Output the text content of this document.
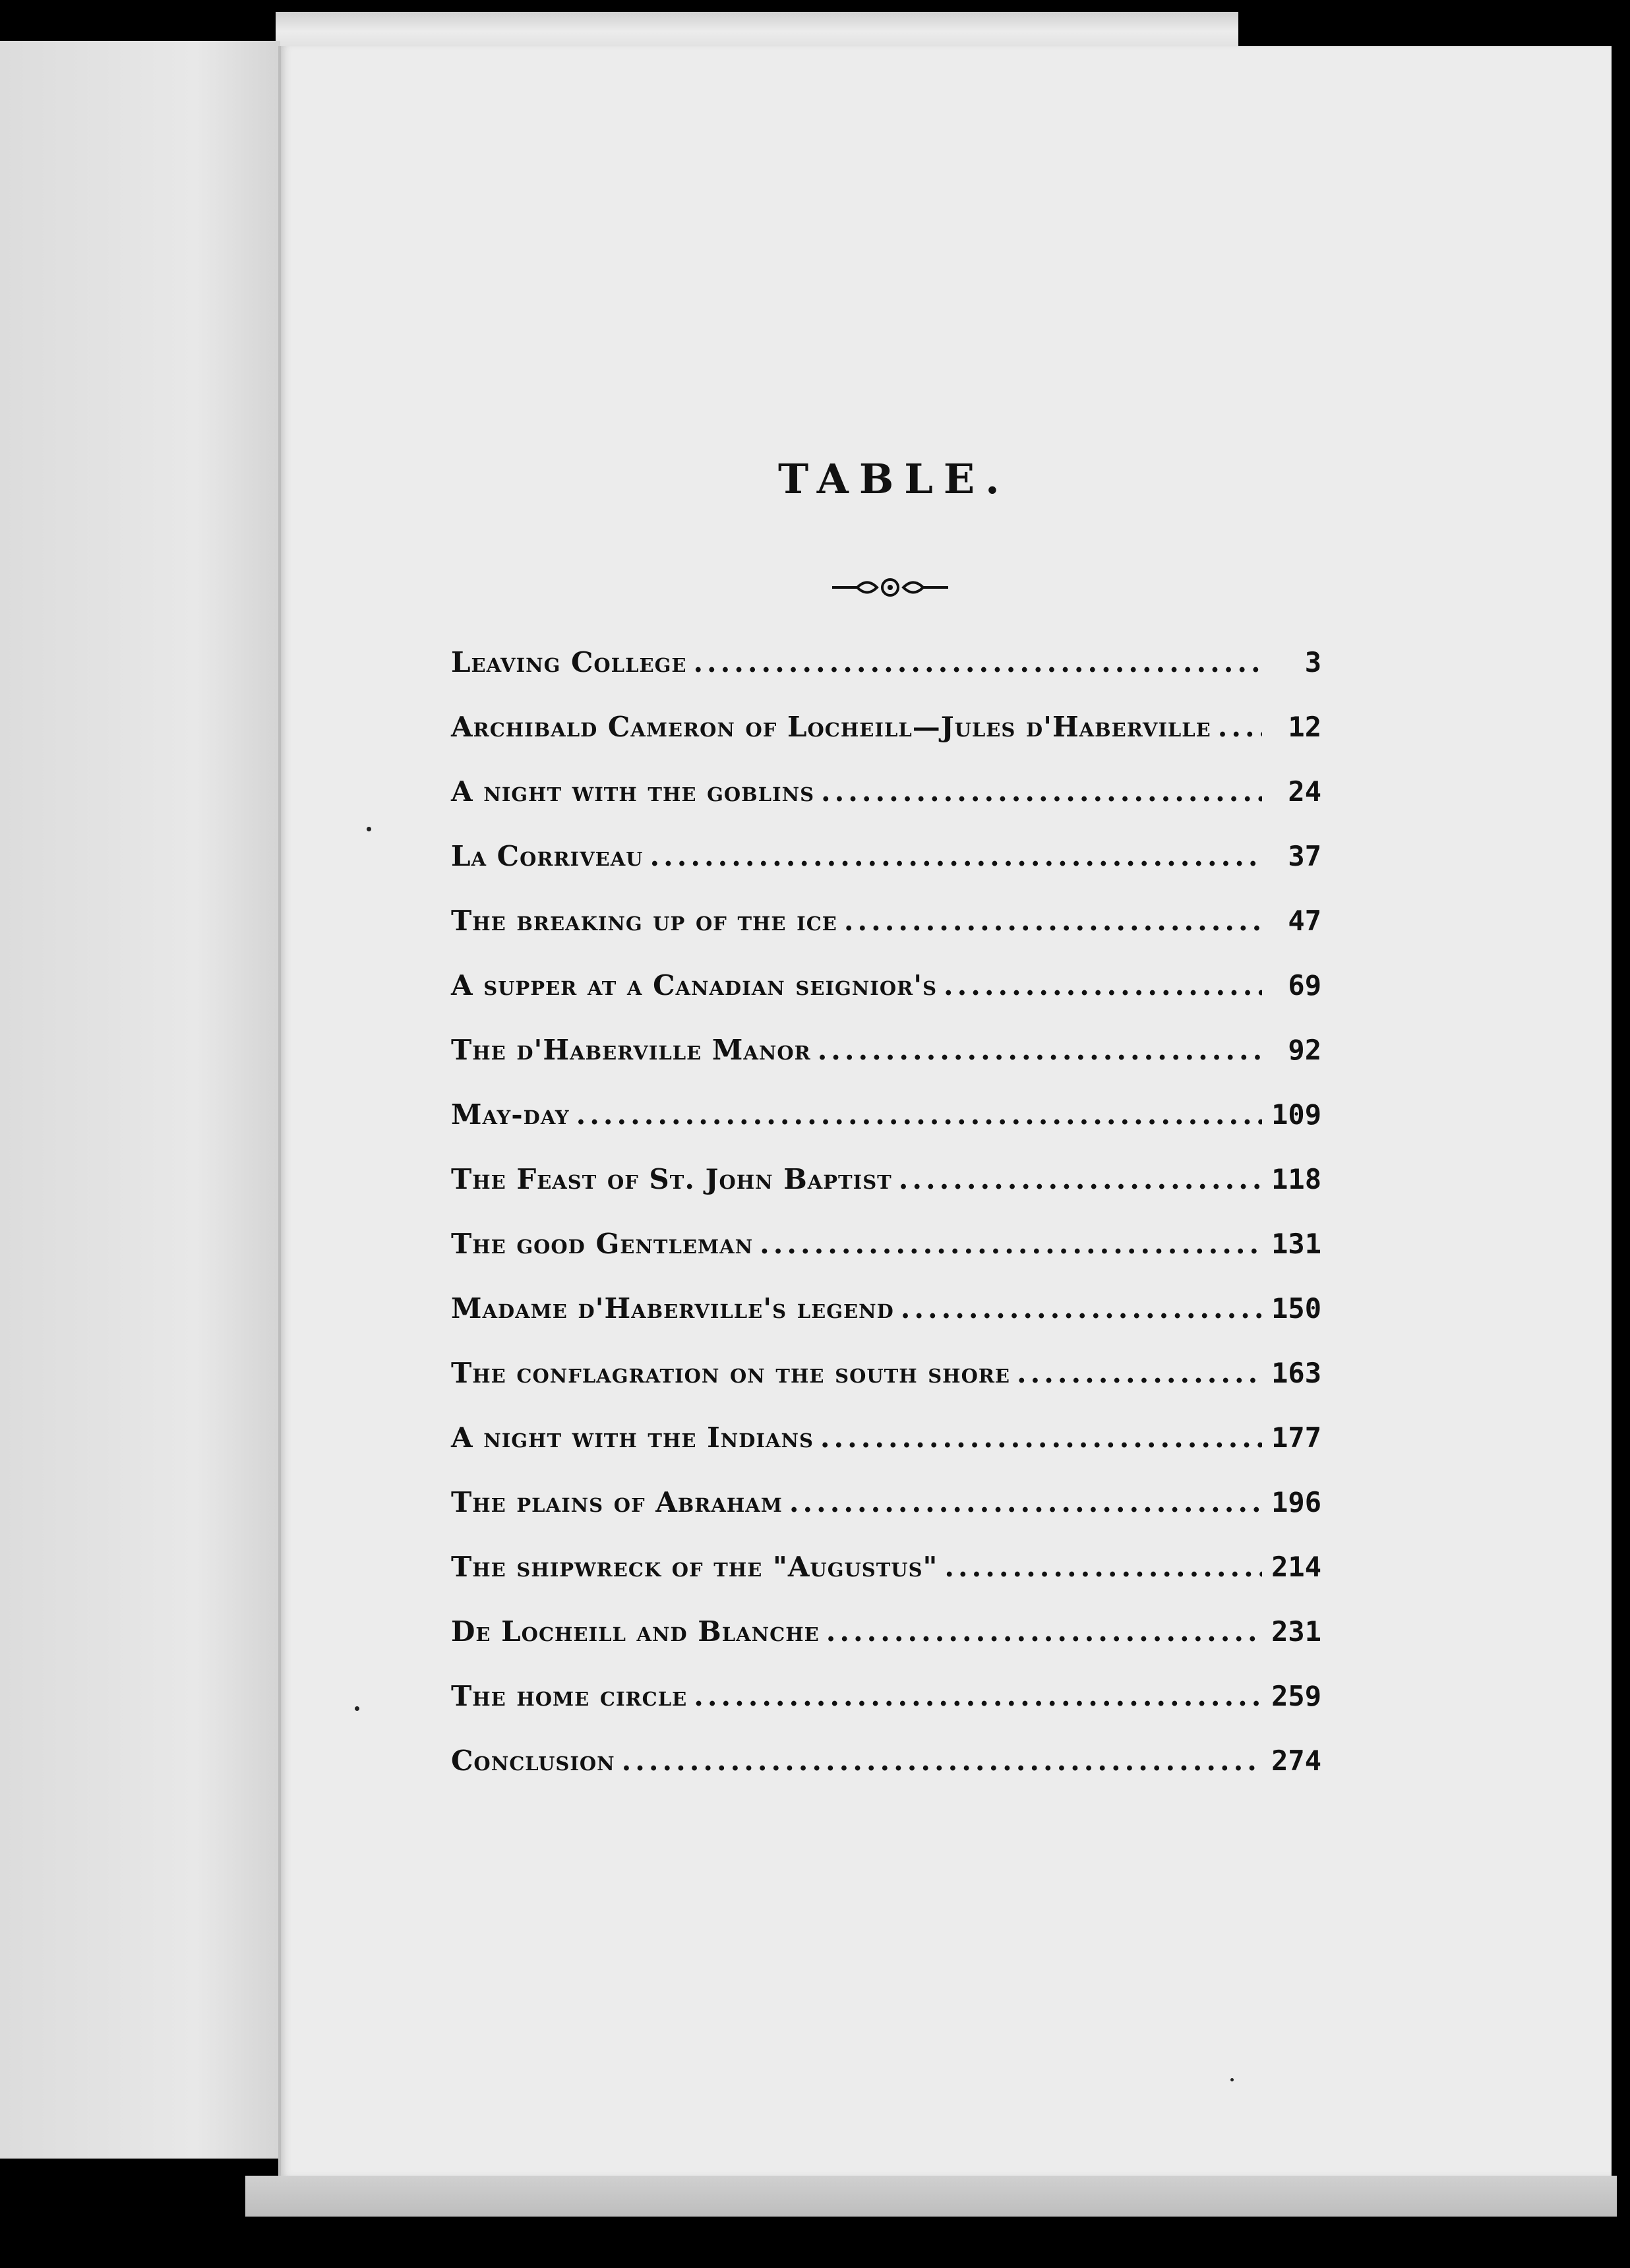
TABLE.
Leaving College .....	3
Archibald Cameron of Locheill—Jules d'Haberville .....	12
A night with the goblins .....	24
La Corriveau .....	37
The breaking up of the ice .....	47
A supper at a Canadian seignior's .....	69
The d'Haberville Manor .....	92
May-day .....	109
The Feast of St. John Baptist .....	118
The good Gentleman .....	131
Madame d'Haberville's legend .....	150
The conflagration on the south shore .....	163
A night with the Indians .....	177
The plains of Abraham .....	196
The shipwreck of the "Augustus" .....	214
De Locheill and Blanche .....	231
The home circle .....	259
Conclusion .....	274
